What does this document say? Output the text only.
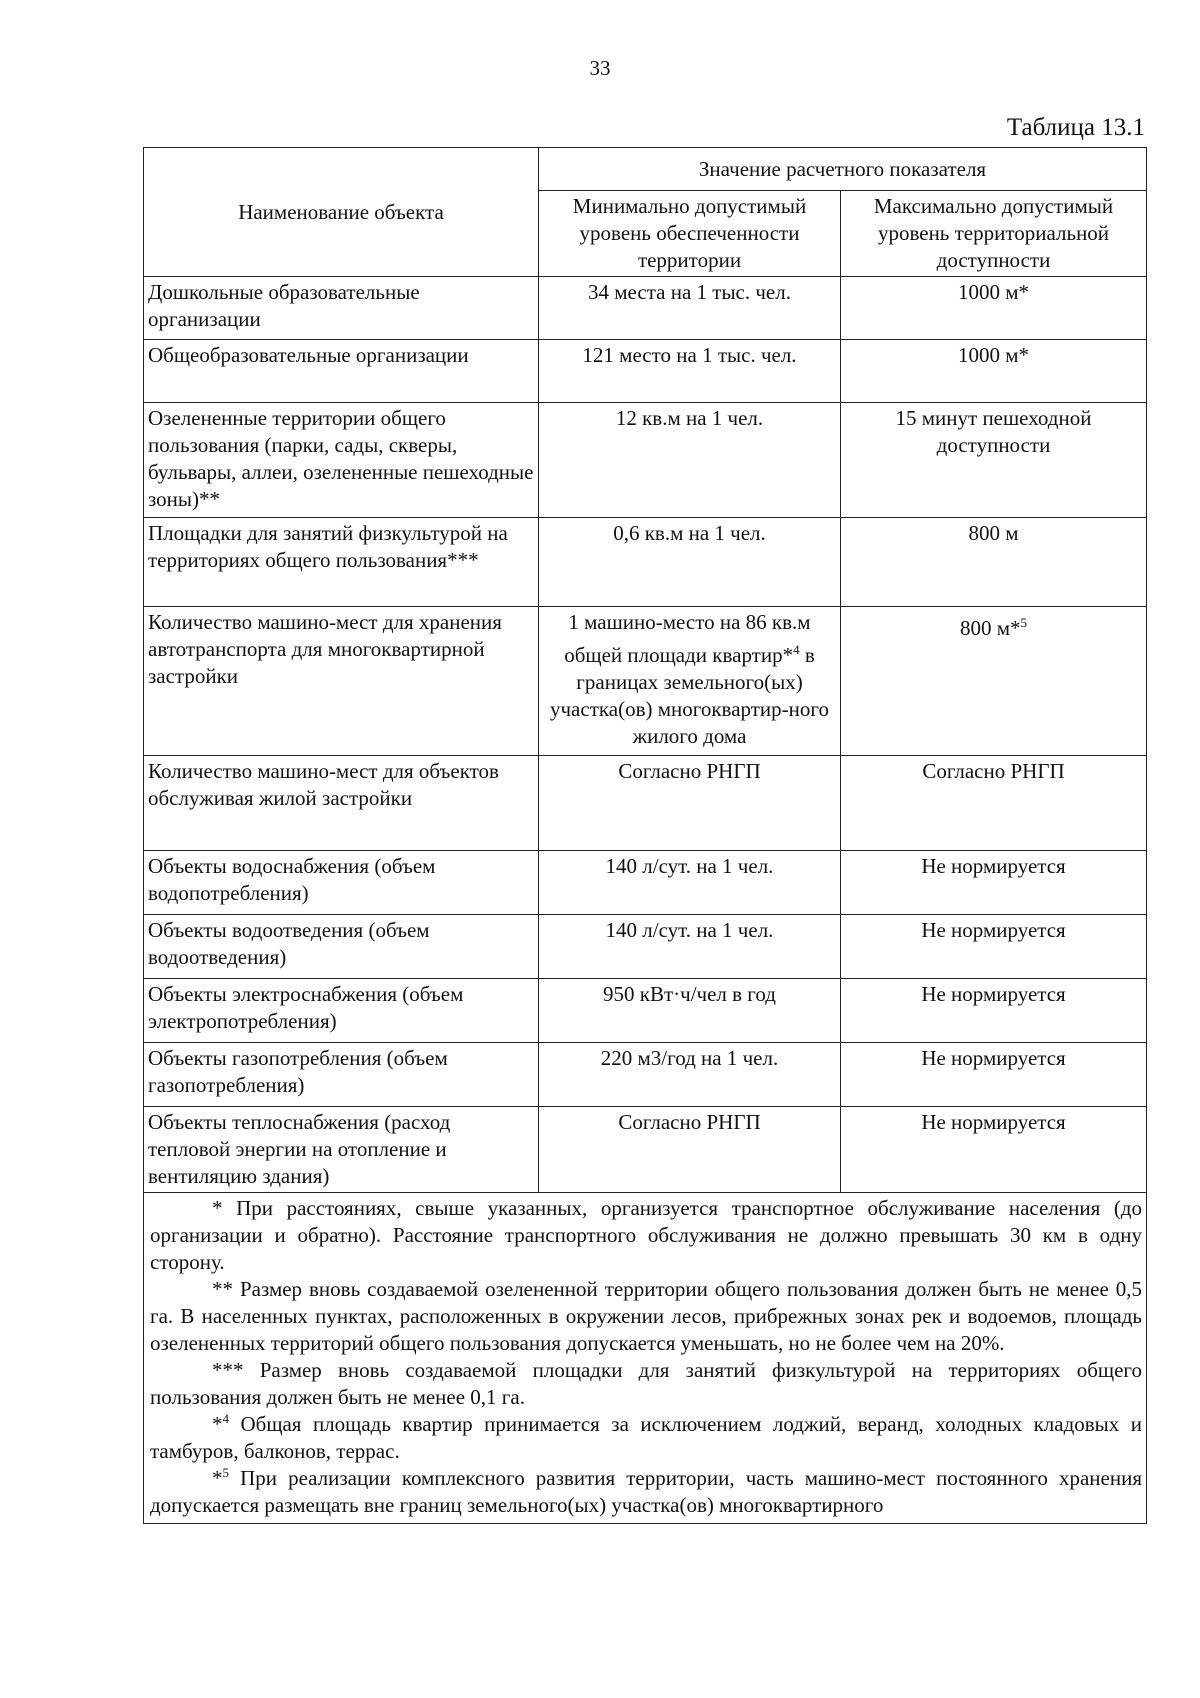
33
Таблица 13.1
Наименование объекта	Значение расчетного показателя	
	Минимально допустимый уровень обеспеченности территории	Максимально допустимый уровень территориальной доступности
Дошкольные образовательные организации	34 места на 1 тыс. чел.	1000 м*
Общеобразовательные организации	121 место на 1 тыс. чел.	1000 м*
Озелененные территории общего пользования (парки, сады, скверы, бульвары, аллеи, озелененные пешеходные зоны)**	12 кв.м на 1 чел.	15 минут пешеходной доступности
Площадки для занятий физкультурой на территориях общего пользования***	0,6 кв.м на 1 чел.	800 м
Количество машино-мест для хранения автотранспорта для многоквартирной застройки	1 машино-место на 86 кв.м общей площади квартир*$^4$ в границах земельного(ых) участка(ов) многоквартир-ного жилого дома	800 м*$^5$
Количество машино-мест для объектов обслуживая жилой застройки	Согласно РНГП	Согласно РНГП
Объекты водоснабжения (объем водопотребления)	140 л/сут. на 1 чел.	Не нормируется
Объекты водоотведения (объем водоотведения)	140 л/сут. на 1 чел.	Не нормируется
Объекты электроснабжения (объем электропотребления)	950 кВт·ч/чел в год	Не нормируется
Объекты газопотребления (объем газопотребления)	220 м3/год на 1 чел.	Не нормируется
Объекты теплоснабжения (расход тепловой энергии на отопление и вентиляцию здания)	Согласно РНГП	Не нормируется

* При расстояниях, свыше указанных, организуется транспортное обслуживание населения (до организации и обратно). Расстояние транспортного обслуживания не должно превышать 30 км в одну сторону.
** Размер вновь создаваемой озелененной территории общего пользования должен быть не менее 0,5 га. В населенных пунктах, расположенных в окружении лесов, прибрежных зонах рек и водоемов, площадь озелененных территорий общего пользования допускается уменьшать, но не более чем на 20%.
*** Размер вновь создаваемой площадки для занятий физкультурой на территориях общего пользования должен быть не менее 0,1 га.
*$^4$ Общая площадь квартир принимается за исключением лоджий, веранд, холодных кладовых и тамбуров, балконов, террас.
*$^5$ При реализации комплексного развития территории, часть машино-мест постоянного хранения допускается размещать вне границ земельного(ых) участка(ов) многоквартирного		
